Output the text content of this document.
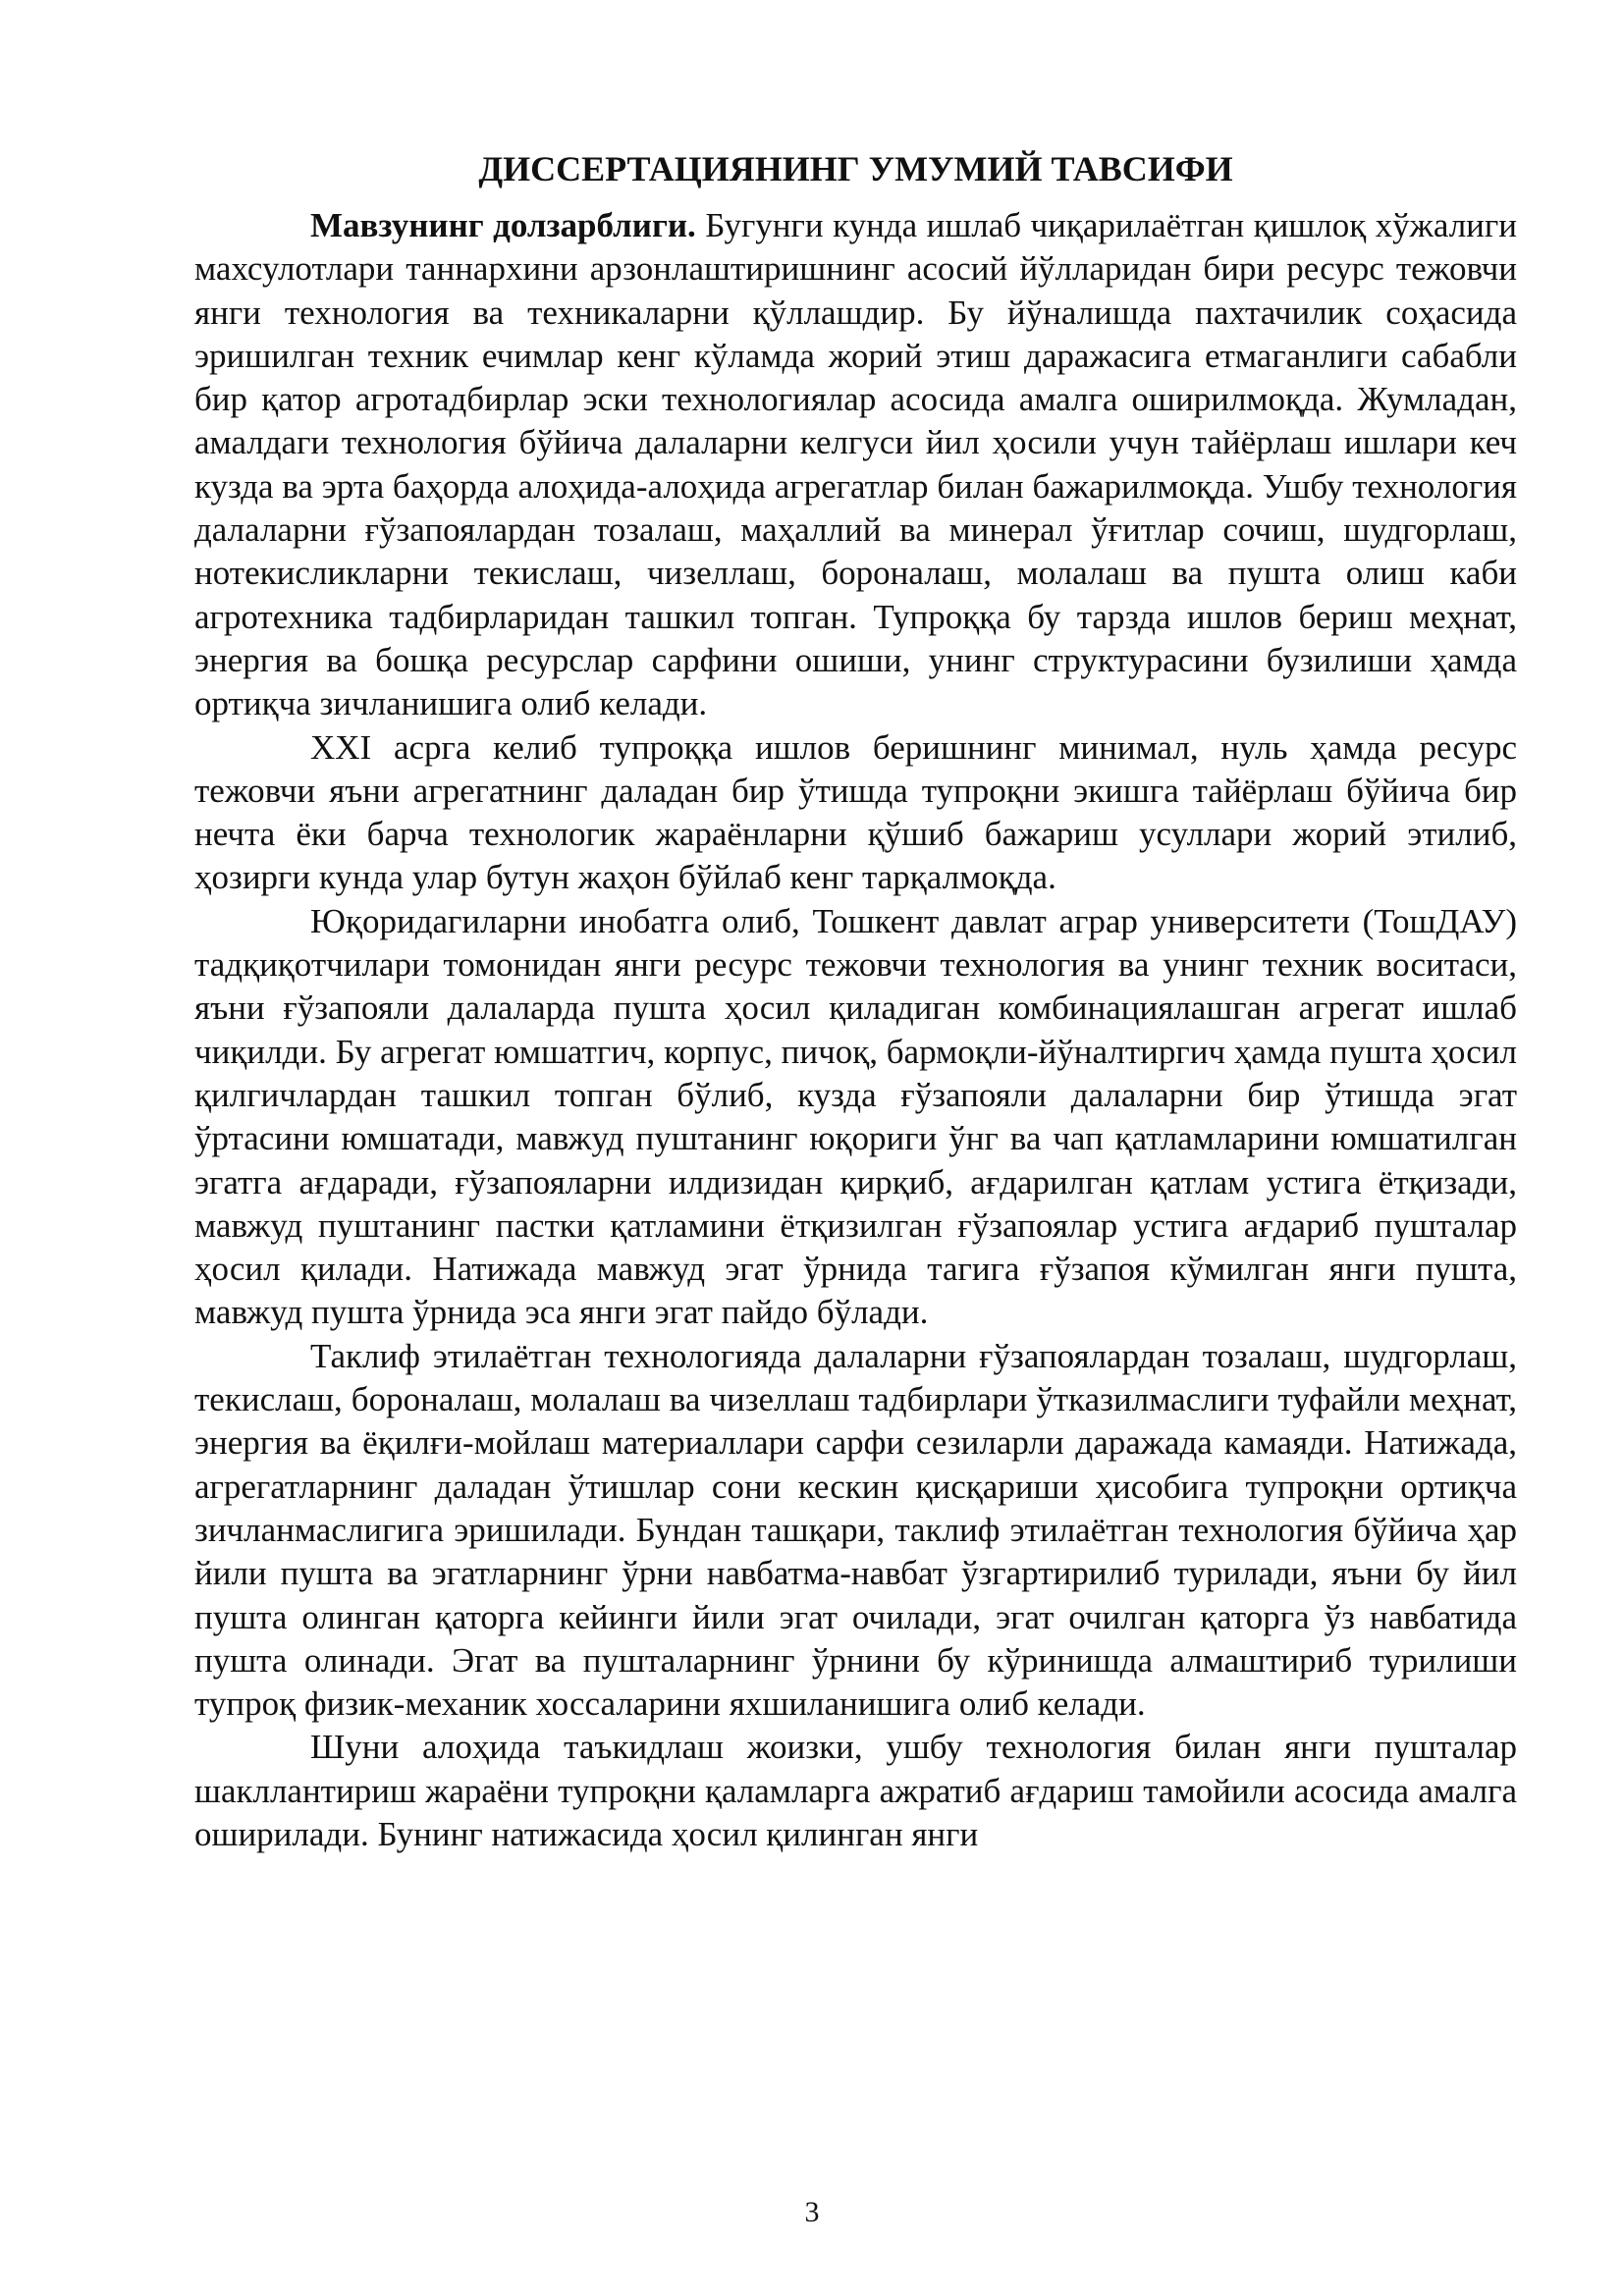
ДИССЕРТАЦИЯНИНГ УМУМИЙ ТАВСИФИ

Мавзунинг долзарблиги. Бугунги кунда ишлаб чиқарилаётган қишлоқ хўжалиги махсулотлари таннархини арзонлаштиришнинг асосий йўлларидан бири ресурс тежовчи янги технология ва техникаларни қўллашдир. Бу йўналишда пахтачилик соҳасида эришилган техник ечимлар кенг кўламда жорий этиш даражасига етмаганлиги сабабли бир қатор агротадбирлар эски технологиялар асосида амалга оширилмоқда. Жумладан, амалдаги технология бўйича далаларни келгуси йил ҳосили учун тайёрлаш ишлари кеч кузда ва эрта баҳорда алоҳида-алоҳида агрегатлар билан бажарилмоқда. Ушбу технология далаларни ғўзапоялардан тозалаш, маҳаллий ва минерал ўғитлар сочиш, шудгорлаш, нотекисликларни текислаш, чизеллаш, бороналаш, молалаш ва пушта олиш каби агротехника тадбирларидан ташкил топган. Тупроққа бу тарзда ишлов бериш меҳнат, энергия ва бошқа ресурслар сарфини ошиши, унинг структурасини бузилиши ҳамда ортиқча зичланишига олиб келади.

XXI асрга келиб тупроққа ишлов беришнинг минимал, нуль ҳамда ресурс тежовчи яъни агрегатнинг даладан бир ўтишда тупроқни экишга тайёрлаш бўйича бир нечта ёки барча технологик жараёнларни қўшиб бажариш усуллари жорий этилиб, ҳозирги кунда улар бутун жаҳон бўйлаб кенг тарқалмоқда.

Юқоридагиларни инобатга олиб, Тошкент давлат аграр университети (ТошДАУ) тадқиқотчилари томонидан янги ресурс тежовчи технология ва унинг техник воситаси, яъни ғўзапояли далаларда пушта ҳосил қиладиган комбинациялашган агрегат ишлаб чиқилди. Бу агрегат юмшатгич, корпус, пичоқ, бармоқли-йўналтиргич ҳамда пушта ҳосил қилгичлардан ташкил топган бўлиб, кузда ғўзапояли далаларни бир ўтишда эгат ўртасини юмшатади, мавжуд пуштанинг юқориги ўнг ва чап қатламларини юмшатилган эгатга ағдаради, ғўзапояларни илдизидан қирқиб, ағдарилган қатлам устига ётқизади, мавжуд пуштанинг пастки қатламини ётқизилган ғўзапоялар устига ағдариб пушталар ҳосил қилади. Натижада мавжуд эгат ўрнида тагига ғўзапоя кўмилган янги пушта, мавжуд пушта ўрнида эса янги эгат пайдо бўлади.

Таклиф этилаётган технологияда далаларни ғўзапоялардан тозалаш, шудгорлаш, текислаш, бороналаш, молалаш ва чизеллаш тадбирлари ўтказилмаслиги туфайли меҳнат, энергия ва ёқилғи-мойлаш материаллари сарфи сезиларли даражада камаяди. Натижада, агрегатларнинг даладан ўтишлар сони кескин қисқариши ҳисобига тупроқни ортиқча зичланмаслигига эришилади. Бундан ташқари, таклиф этилаётган технология бўйича ҳар йили пушта ва эгатларнинг ўрни навбатма-навбат ўзгартирилиб турилади, яъни бу йил пушта олинган қаторга кейинги йили эгат очилади, эгат очилган қаторга ўз навбатида пушта олинади. Эгат ва пушталарнинг ўрнини бу кўринишда алмаштириб турилиши тупроқ физик-механик хоссаларини яхшиланишига олиб келади.

Шуни алоҳида таъкидлаш жоизки, ушбу технология билан янги пушталар шакллантириш жараёни тупроқни қаламларга ажратиб ағдариш тамойили асосида амалга оширилади. Бунинг натижасида ҳосил қилинган янги

3
